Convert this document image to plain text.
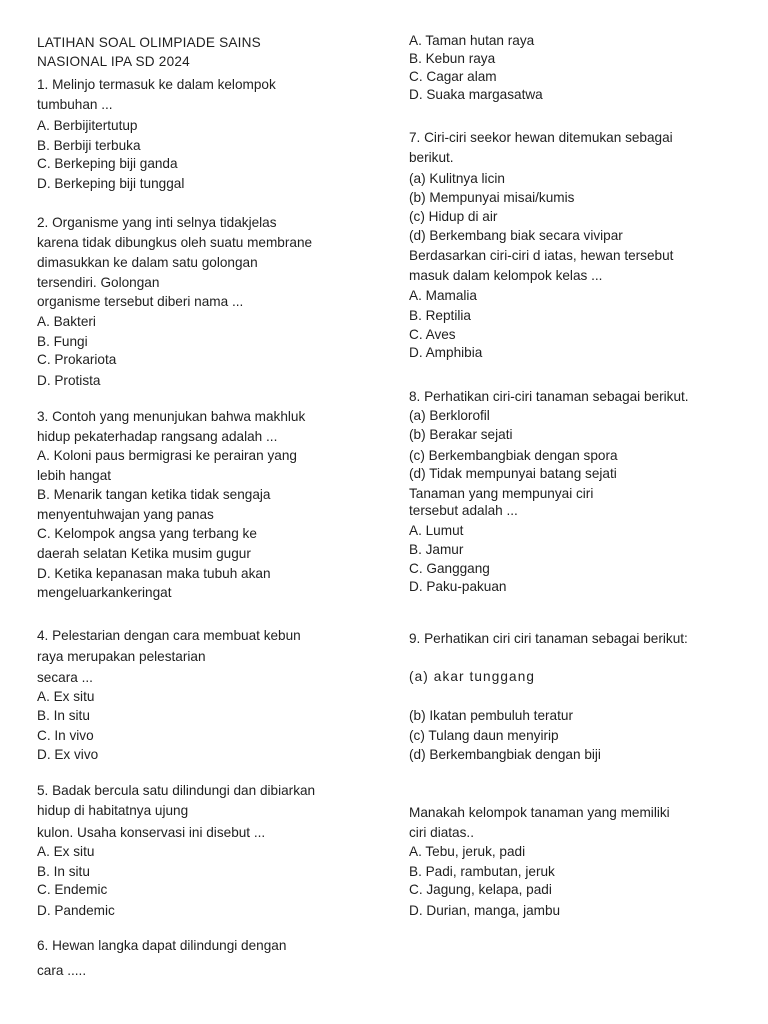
LATIHAN SOAL OLIMPIADE SAINS
NASIONAL IPA SD 2024
1. Melinjo termasuk ke dalam kelompok
tumbuhan ...
A. Berbijitertutup
B. Berbiji terbuka
C. Berkeping biji ganda
D. Berkeping biji tunggal
2. Organisme yang inti selnya tidakjelas
karena tidak dibungkus oleh suatu membrane
dimasukkan ke dalam satu golongan
tersendiri. Golongan
organisme tersebut diberi nama ...
A. Bakteri
B. Fungi
C. Prokariota
D. Protista
3. Contoh yang menunjukan bahwa makhluk
hidup pekaterhadap rangsang adalah ...
A. Koloni paus bermigrasi ke perairan yang
lebih hangat
B. Menarik tangan ketika tidak sengaja
menyentuhwajan yang panas
C. Kelompok angsa yang terbang ke
daerah selatan Ketika musim gugur
D. Ketika kepanasan maka tubuh akan
mengeluarkankeringat
4. Pelestarian dengan cara membuat kebun
raya merupakan pelestarian
secara ...
A. Ex situ
B. In situ
C. In vivo
D. Ex vivo
5. Badak bercula satu dilindungi dan dibiarkan
hidup di habitatnya ujung
kulon. Usaha konservasi ini disebut ...
A. Ex situ
B. In situ
C. Endemic
D. Pandemic
6. Hewan langka dapat dilindungi dengan
cara .....
A. Taman hutan raya
B. Kebun raya
C. Cagar alam
D. Suaka margasatwa
7. Ciri-ciri seekor hewan ditemukan sebagai
berikut.
(a) Kulitnya licin
(b) Mempunyai misai/kumis
(c) Hidup di air
(d) Berkembang biak secara vivipar
Berdasarkan ciri-ciri d iatas, hewan tersebut
masuk dalam kelompok kelas ...
A. Mamalia
B. Reptilia
C. Aves
D. Amphibia
8. Perhatikan ciri-ciri tanaman sebagai berikut.
(a) Berklorofil
(b) Berakar sejati
(c) Berkembangbiak dengan spora
(d) Tidak mempunyai batang sejati
Tanaman yang mempunyai ciri
tersebut adalah ...
A. Lumut
B. Jamur
C. Ganggang
D. Paku-pakuan
9. Perhatikan ciri ciri tanaman sebagai berikut:
(a) akar tunggang
(b) Ikatan pembuluh teratur
(c) Tulang daun menyirip
(d) Berkembangbiak dengan biji
Manakah kelompok tanaman yang memiliki
ciri diatas..
A. Tebu, jeruk, padi
B. Padi, rambutan, jeruk
C. Jagung, kelapa, padi
D. Durian, manga, jambu
